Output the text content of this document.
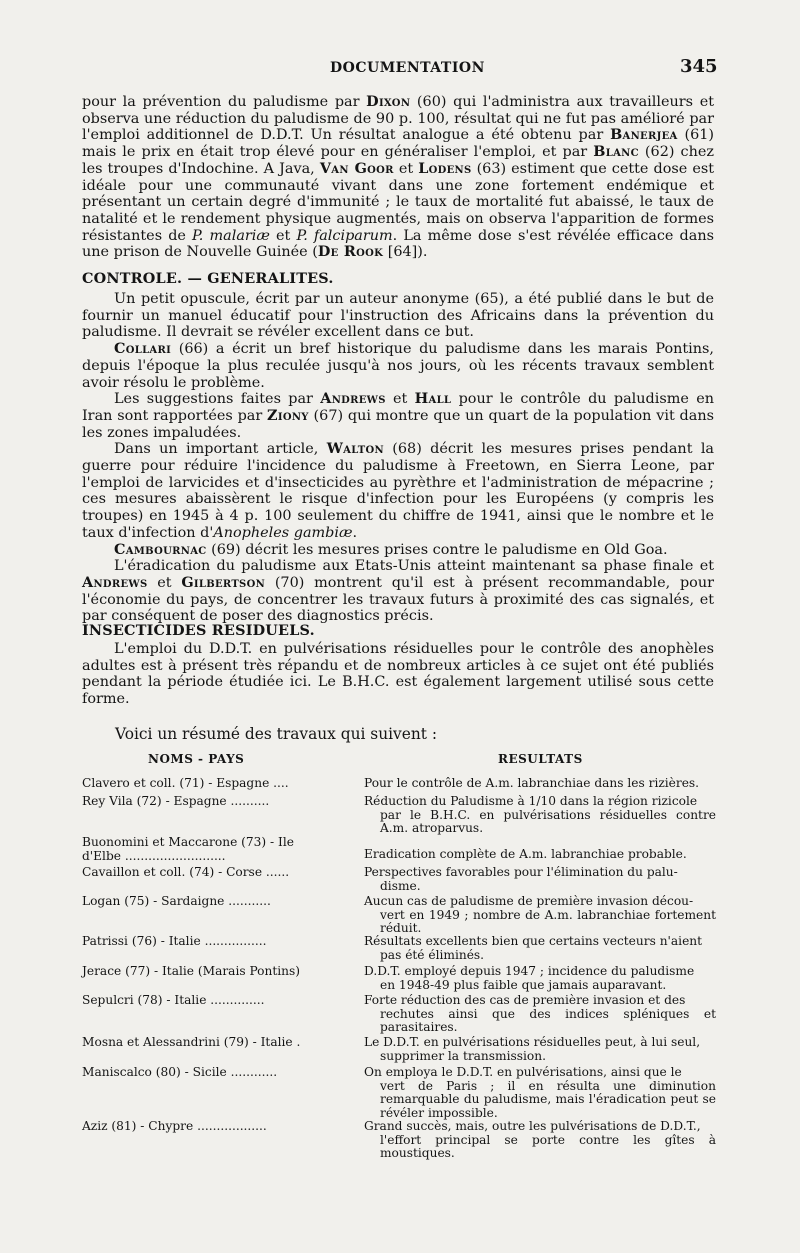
DOCUMENTATION	345

pour la prévention du paludisme par Dixon (60) qui l'administra aux travailleurs et observa une réduction du paludisme de 90 p. 100, résultat qui ne fut pas amélioré par l'emploi additionnel de D.D.T. Un résultat analogue a été obtenu par Banerjea (61) mais le prix en était trop élevé pour en généraliser l'emploi, et par Blanc (62) chez les troupes d'Indochine. A Java, Van Goor et Lodens (63) estiment que cette dose est idéale pour une communauté vivant dans une zone fortement endémique et présentant un certain degré d'immunité ; le taux de mortalité fut abaissé, le taux de natalité et le rendement physique augmentés, mais on observa l'apparition de formes résistantes de P. malariæ et P. falciparum. La même dose s'est révélée efficace dans une prison de Nouvelle Guinée (De Rook [64]).

CONTROLE. — GENERALITES.

Un petit opuscule, écrit par un auteur anonyme (65), a été publié dans le but de fournir un manuel éducatif pour l'instruction des Africains dans la prévention du paludisme. Il devrait se révéler excellent dans ce but.

Collari (66) a écrit un bref historique du paludisme dans les marais Pontins, depuis l'époque la plus reculée jusqu'à nos jours, où les récents travaux semblent avoir résolu le problème.

Les suggestions faites par Andrews et Hall pour le contrôle du paludisme en Iran sont rapportées par Ziony (67) qui montre que un quart de la population vit dans les zones impaludées.

Dans un important article, Walton (68) décrit les mesures prises pendant la guerre pour réduire l'incidence du paludisme à Freetown, en Sierra Leone, par l'emploi de larvicides et d'insecticides au pyrèthre et l'administration de mépacrine ; ces mesures abaissèrent le risque d'infection pour les Européens (y compris les troupes) en 1945 à 4 p. 100 seulement du chiffre de 1941, ainsi que le nombre et le taux d'infection d'Anopheles gambiæ.

Cambournac (69) décrit les mesures prises contre le paludisme en Old Goa.

L'éradication du paludisme aux Etats-Unis atteint maintenant sa phase finale et Andrews et Gilbertson (70) montrent qu'il est à présent recommandable, pour l'économie du pays, de concentrer les travaux futurs à proximité des cas signalés, et par conséquent de poser des diagnostics précis.

INSECTICIDES RESIDUELS.

L'emploi du D.D.T. en pulvérisations résiduelles pour le contrôle des anophèles adultes est à présent très répandu et de nombreux articles à ce sujet ont été publiés pendant la période étudiée ici. Le B.H.C. est également largement utilisé sous cette forme.

Voici un résumé des travaux qui suivent :
NOMS - PAYS	RESULTATS
Clavero et coll. (71) - Espagne ....	Pour le contrôle de A.m. labranchiae dans les rizières.
Rey Vila (72) - Espagne ..........	Réduction du Paludisme à 1/10 dans la région rizicole
par le B.H.C. en pulvérisations résiduelles contre A.m. atroparvus.
Buonomini et Maccarone (73) - Ile d'Elbe ..........................	Eradication complète de A.m. labranchiae probable.
Cavaillon et coll. (74) - Corse ......	Perspectives favorables pour l'élimination du palu-
disme.
Logan (75) - Sardaigne ...........	Aucun cas de paludisme de première invasion décou-
vert en 1949 ; nombre de A.m. labranchiae fortement réduit.
Patrissi (76) - Italie ................	Résultats excellents bien que certains vecteurs n'aient
pas été éliminés.
Jerace (77) - Italie (Marais Pontins)	D.D.T. employé depuis 1947 ; incidence du paludisme
en 1948-49 plus faible que jamais auparavant.
Sepulcri (78) - Italie ..............	Forte réduction des cas de première invasion et des
rechutes ainsi que des indices spléniques et parasitaires.
Mosna et Alessandrini (79) - Italie .	Le D.D.T. en pulvérisations résiduelles peut, à lui seul,
supprimer la transmission.
Maniscalco (80) - Sicile ............	On employa le D.D.T. en pulvérisations, ainsi que le
vert de Paris ; il en résulta une diminution remarquable du paludisme, mais l'éradication peut se révéler impossible.
Aziz (81) - Chypre ..................	Grand succès, mais, outre les pulvérisations de D.D.T.,
l'effort principal se porte contre les gîtes à moustiques.
